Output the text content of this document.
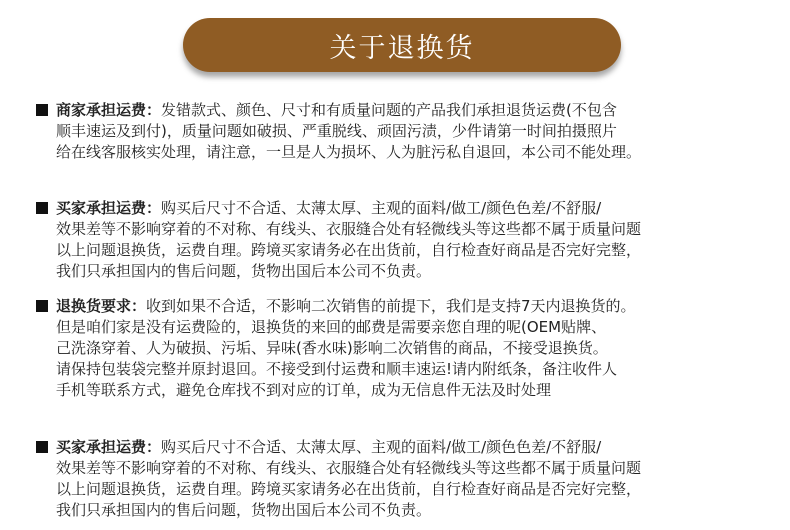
关于退换货
商家承担运费：发错款式、颜色、尺寸和有质量问题的产品我们承担退货运费(不包含
顺丰速运及到付)，质量问题如破损、严重脱线、顽固污渍，少件请第一时间拍摄照片
给在线客服核实处理，请注意，一旦是人为损坏、人为脏污私自退回，本公司不能处理。
买家承担运费：购买后尺寸不合适、太薄太厚、主观的面料/做工/颜色色差/不舒服/
效果差等不影响穿着的不对称、有线头、衣服缝合处有轻微线头等这些都不属于质量问题
以上问题退换货，运费自理。跨境买家请务必在出货前，自行检查好商品是否完好完整，
我们只承担国内的售后问题，货物出国后本公司不负责。
退换货要求：收到如果不合适，不影响二次销售的前提下，我们是支持7天内退换货的。
但是咱们家是没有运费险的，退换货的来回的邮费是需要亲您自理的呢(OEM贴牌、
己洗涤穿着、人为破损、污垢、异味(香水味)影响二次销售的商品，不接受退换货。
请保持包装袋完整并原封退回。不接受到付运费和顺丰速运!请内附纸条，备注收件人
手机等联系方式，避免仓库找不到对应的订单，成为无信息件无法及时处理
买家承担运费：购买后尺寸不合适、太薄太厚、主观的面料/做工/颜色色差/不舒服/
效果差等不影响穿着的不对称、有线头、衣服缝合处有轻微线头等这些都不属于质量问题
以上问题退换货，运费自理。跨境买家请务必在出货前，自行检查好商品是否完好完整，
我们只承担国内的售后问题，货物出国后本公司不负责。
